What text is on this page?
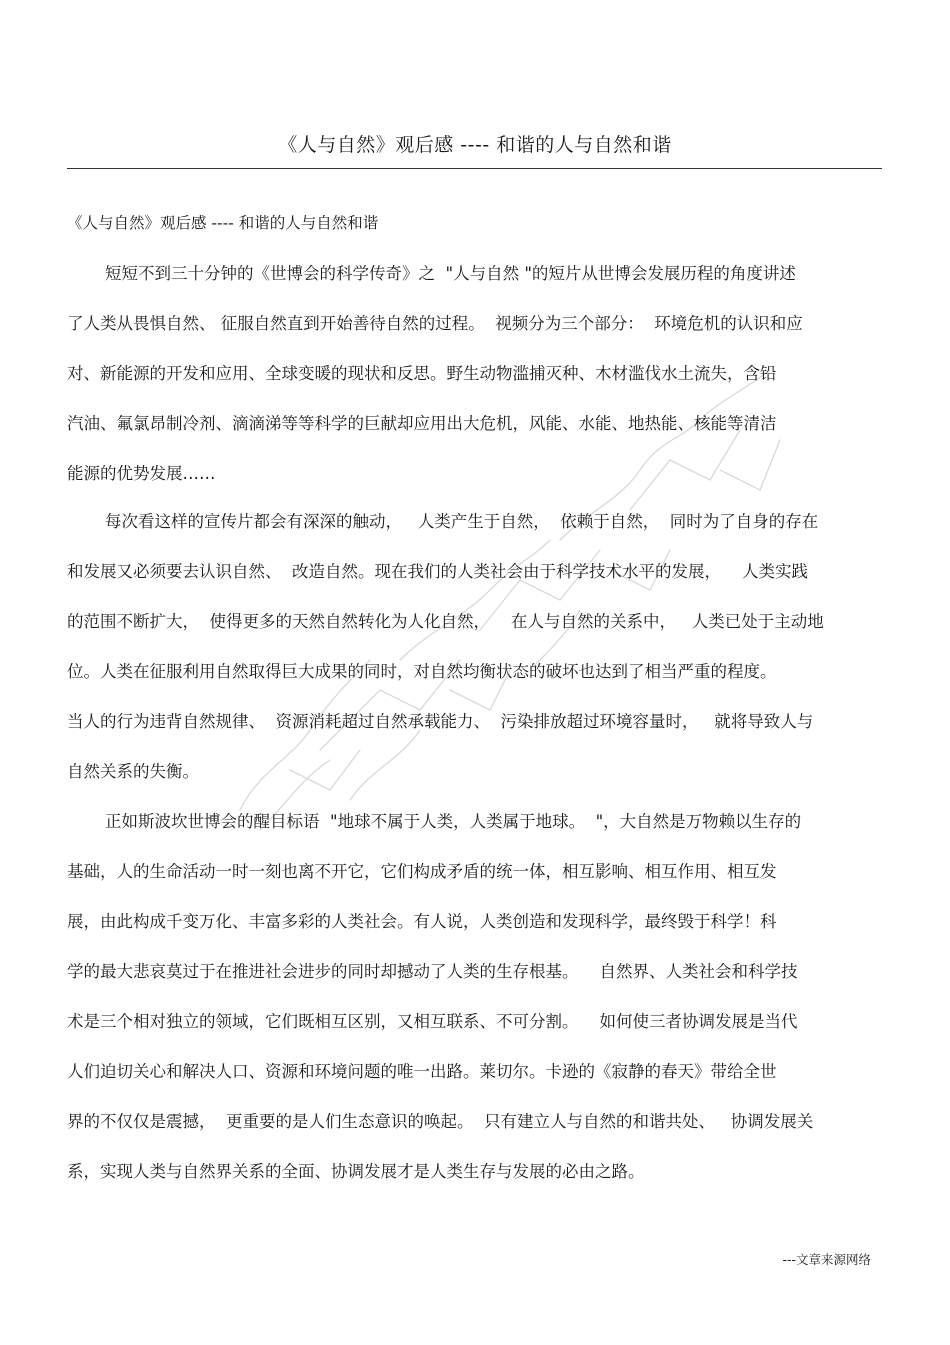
《人与自然》观后感 ---- 和谐的人与自然和谐
《人与自然》观后感 ---- 和谐的人与自然和谐
短短不到三十分钟的《世博会的科学传奇》之  "人与自然 "的短片从世博会发展历程的角度讲述
了人类从畏惧自然、 征服自然直到开始善待自然的过程。  视频分为三个部分：  环境危机的认识和应
对、新能源的开发和应用、全球变暖的现状和反思。野生动物滥捕灭种、木材滥伐水土流失，含铅
汽油、氟氯昂制冷剂、滴滴涕等等科学的巨献却应用出大危机，风能、水能、地热能、核能等清洁
能源的优势发展……
每次看这样的宣传片都会有深深的触动，   人类产生于自然，  依赖于自然，  同时为了自身的存在
和发展又必须要去认识自然、  改造自然。现在我们的人类社会由于科学技术水平的发展，    人类实践
的范围不断扩大，  使得更多的天然自然转化为人化自然，    在人与自然的关系中，   人类已处于主动地
位。人类在征服利用自然取得巨大成果的同时，对自然均衡状态的破坏也达到了相当严重的程度。
当人的行为违背自然规律、  资源消耗超过自然承载能力、  污染排放超过环境容量时，   就将导致人与
自然关系的失衡。
正如斯波坎世博会的醒目标语  "地球不属于人类，人类属于地球。  "，大自然是万物赖以生存的
基础，人的生命活动一时一刻也离不开它，它们构成矛盾的统一体，相互影响、相互作用、相互发
展，由此构成千变万化、丰富多彩的人类社会。有人说，人类创造和发现科学，最终毁于科学！科
学的最大悲哀莫过于在推进社会进步的同时却撼动了人类的生存根基。    自然界、人类社会和科学技
术是三个相对独立的领域，它们既相互区别，又相互联系、不可分割。    如何使三者协调发展是当代
人们迫切关心和解决人口、资源和环境问题的唯一出路。莱切尔。卡逊的《寂静的春天》带给全世
界的不仅仅是震撼，  更重要的是人们生态意识的唤起。  只有建立人与自然的和谐共处、   协调发展关
系，实现人类与自然界关系的全面、协调发展才是人类生存与发展的必由之路。
---文章来源网络
